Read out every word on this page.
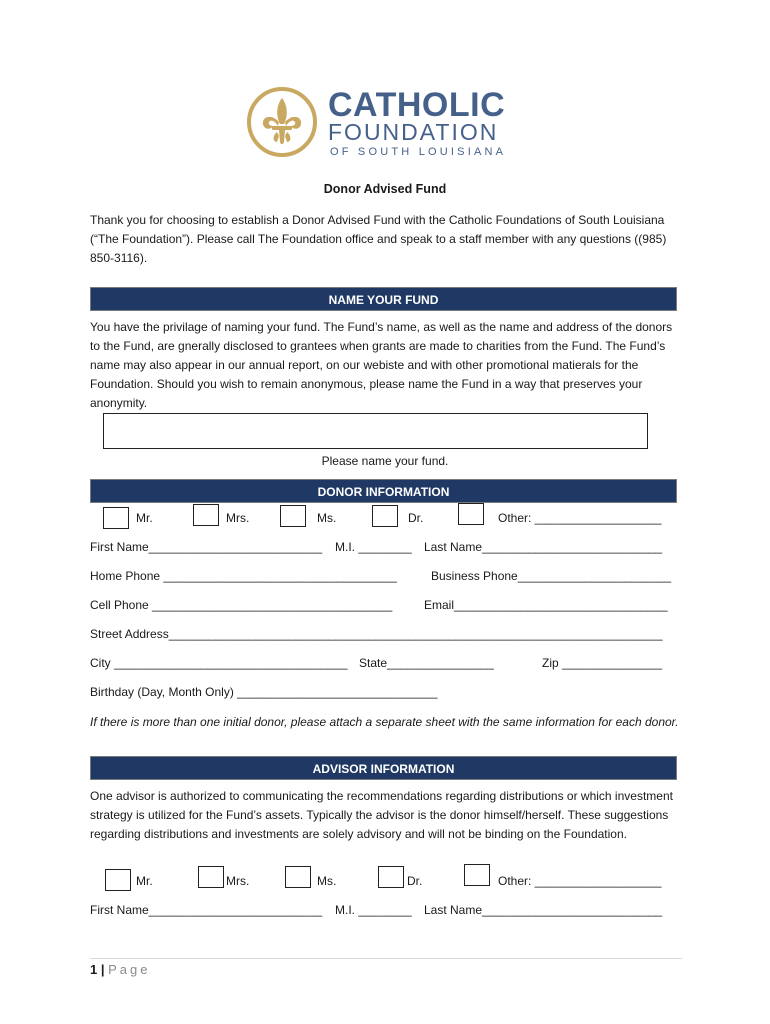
CATHOLIC
FOUNDATION
OF SOUTH LOUISIANA
Donor Advised Fund
Thank you for choosing to establish a Donor Advised Fund with the Catholic Foundations of South Louisiana (“The Foundation”). Please call The Foundation office and speak to a staff member with any questions ((985) 850-3116).
NAME YOUR FUND
You have the privilage of naming your fund. The Fund’s name, as well as the name and address of the donors to the Fund, are gnerally disclosed to grantees when grants are made to charities from the Fund. The Fund’s name may also appear in our annual report, on our webiste and with other promotional matierals for the Foundation. Should you wish to remain anonymous, please name the Fund in a way that preserves your anonymity.
Please name your fund.
DONOR INFORMATION
Mr.	Mrs.	Ms.	Dr.	Other: ___________________
First Name__________________________ M.I. ________ Last Name___________________________
Home Phone ___________________________________	Business Phone_______________________
Cell Phone ____________________________________	Email________________________________
Street Address__________________________________________________________________________
City ___________________________________ State________________	Zip _______________
Birthday (Day, Month Only) ______________________________
If there is more than one initial donor, please attach a separate sheet with the same information for each donor.
ADVISOR INFORMATION
One advisor is authorized to communicating the recommendations regarding distributions or which investment strategy is utilized for the Fund’s assets. Typically the advisor is the donor himself/herself. These suggestions regarding distributions and investments are solely advisory and will not be binding on the Foundation.
Mr.	Mrs.	Ms.	Dr.	Other: ___________________
First Name__________________________ M.I. ________ Last Name___________________________
1 | Page
